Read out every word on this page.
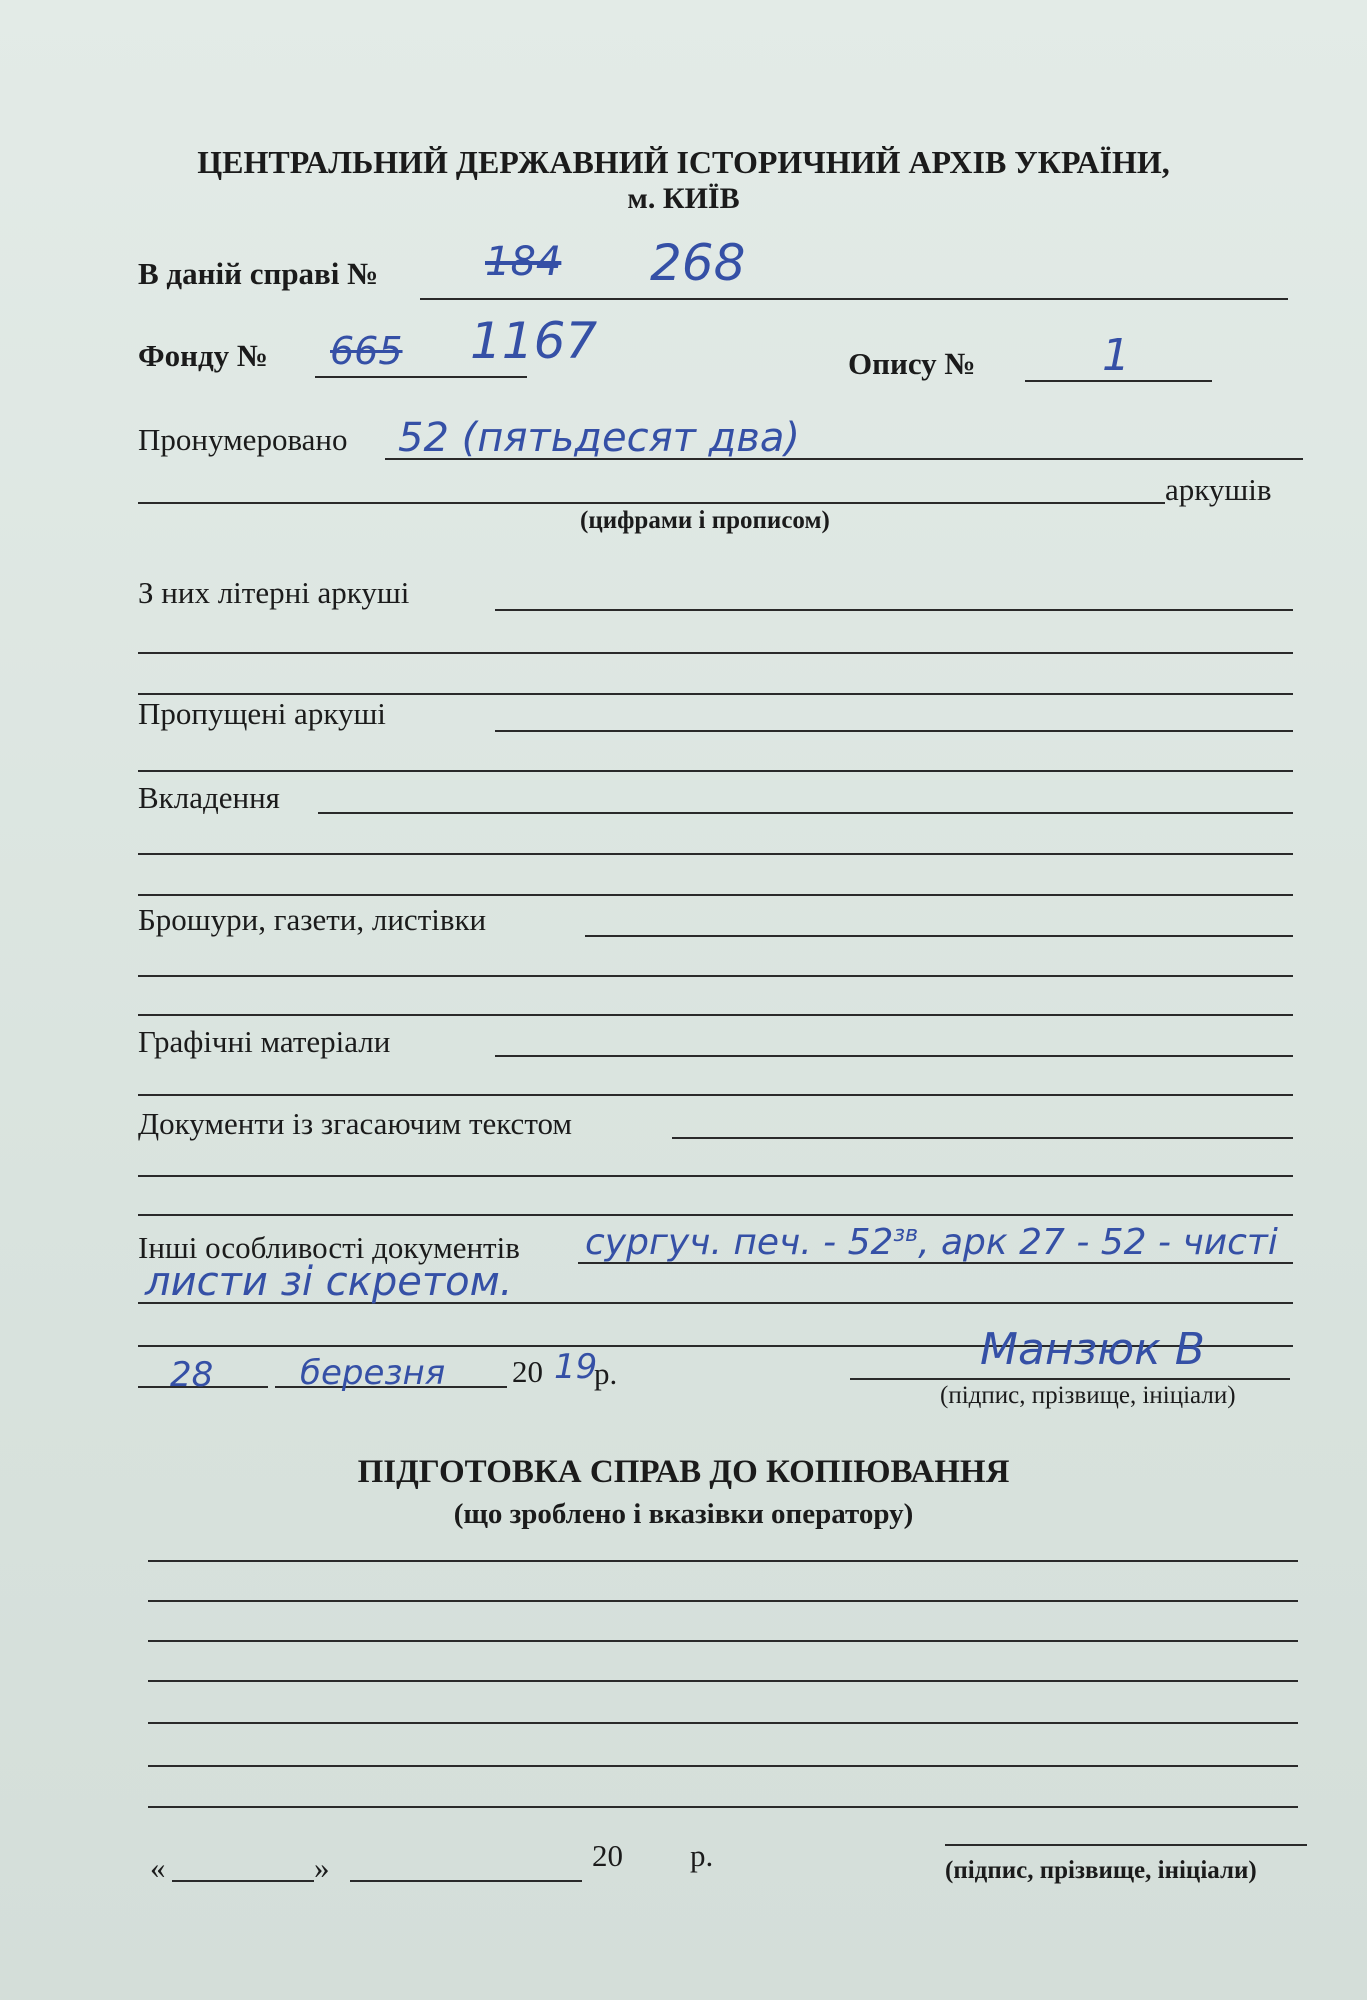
ЦЕНТРАЛЬНИЙ ДЕРЖАВНИЙ ІСТОРИЧНИЙ АРХІВ УКРАЇНИ,
м. КИЇВ
В даній справі №	184 268
Фонду № 665 1167	Опису №	1
Пронумеровано 52 (пятьдесят два)
аркушів
(цифрами і прописом)
З них літерні аркуші
Пропущені аркуші
Вкладення
Брошури, газети, листівки
Графічні матеріали
Документи із згасаючим текстом
Інші особливості документів сургуч. печ. - $52^{зв}$, арк 27 - 52 - чисті
листи зі скретом.
28	березня 20 19
р.	Манзюк В
(підпис, прізвище, ініціали)
ПІДГОТОВКА СПРАВ ДО КОПІЮВАННЯ
(що зроблено і вказівки оператору)
«	»	20 р.	(підпис, прізвище, ініціали)
